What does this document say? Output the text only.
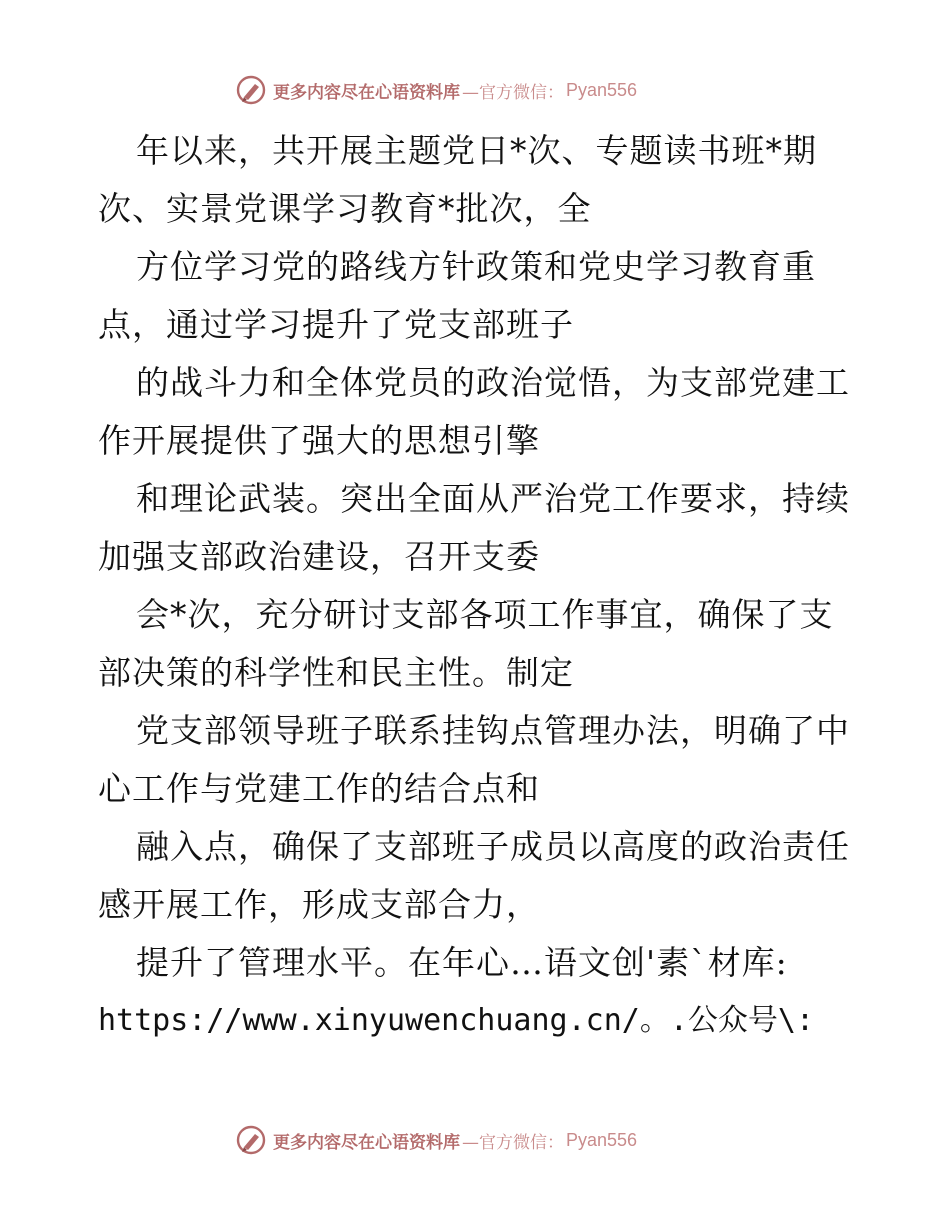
更多内容尽在心语资料库 —官方微信： Pyan556
年以来，共开展主题党日*次、专题读书班*期
次、实景党课学习教育*批次，全
方位学习党的路线方针政策和党史学习教育重
点，通过学习提升了党支部班子
的战斗力和全体党员的政治觉悟，为支部党建工
作开展提供了强大的思想引擎
和理论武装。突出全面从严治党工作要求，持续
加强支部政治建设，召开支委
会*次，充分研讨支部各项工作事宜，确保了支
部决策的科学性和民主性。制定
党支部领导班子联系挂钩点管理办法，明确了中
心工作与党建工作的结合点和
融入点，确保了支部班子成员以高度的政治责任
感开展工作，形成支部合力，
提升了管理水平。在年心…语文创'素`材库:
https://www.xinyuwenchuang.cn/。.公众号\:
更多内容尽在心语资料库 —官方微信： Pyan556
